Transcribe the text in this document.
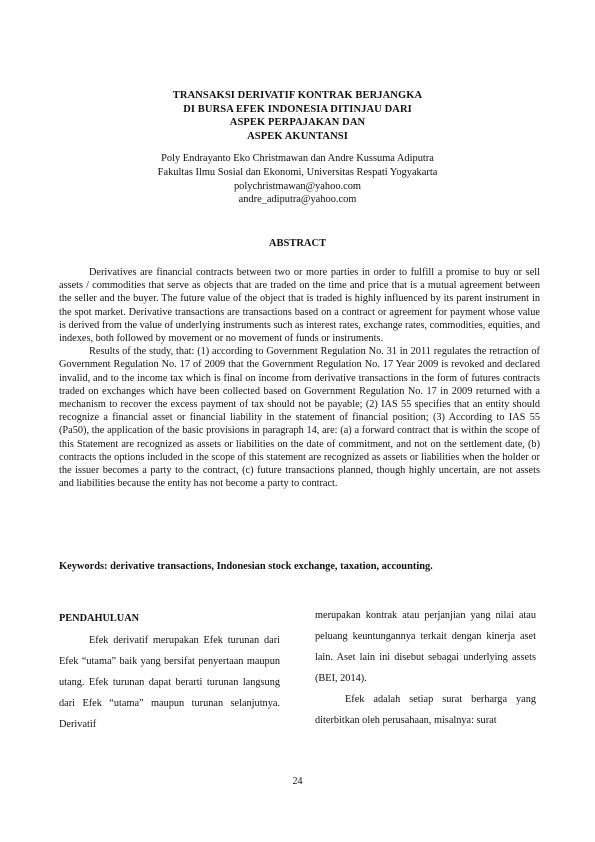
TRANSAKSI DERIVATIF KONTRAK BERJANGKA
DI BURSA EFEK INDONESIA DITINJAU DARI
ASPEK PERPAJAKAN DAN
ASPEK AKUNTANSI
Poly Endrayanto Eko Christmawan dan Andre Kussuma Adiputra
Fakultas Ilmu Sosial dan Ekonomi, Universitas Respati Yogyakarta
polychristmawan@yahoo.com
andre_adiputra@yahoo.com
ABSTRACT

Derivatives are financial contracts between two or more parties in order to fulfill a promise to buy or sell assets / commodities that serve as objects that are traded on the time and price that is a mutual agreement between the seller and the buyer. The future value of the object that is traded is highly influenced by its parent instrument in the spot market. Derivative transactions are transactions based on a contract or agreement for payment whose value is derived from the value of underlying instruments such as interest rates, exchange rates, commodities, equities, and indexes, both followed by movement or no movement of funds or instruments.

Results of the study, that: (1) according to Government Regulation No. 31 in 2011 regulates the retraction of Government Regulation No. 17 of 2009 that the Government Regulation No. 17 Year 2009 is revoked and declared invalid, and to the income tax which is final on income from derivative transactions in the form of futures contracts traded on exchanges which have been collected based on Government Regulation No. 17 in 2009 returned with a mechanism to recover the excess payment of tax should not be payable; (2) IAS 55 specifies that an entity should recognize a financial asset or financial liability in the statement of financial position; (3) According to IAS 55 (Pa50), the application of the basic provisions in paragraph 14, are: (a) a forward contract that is within the scope of this Statement are recognized as assets or liabilities on the date of commitment, and not on the settlement date, (b) contracts the options included in the scope of this statement are recognized as assets or liabilities when the holder or the issuer becomes a party to the contract, (c) future transactions planned, though highly uncertain, are not assets and liabilities because the entity has not become a party to contract.

Keywords: derivative transactions, Indonesian stock exchange, taxation, accounting.

PENDAHULUAN

Efek derivatif merupakan Efek turunan dari Efek “utama” baik yang bersifat penyertaan maupun utang. Efek turunan dapat berarti turunan langsung dari Efek “utama” maupun turunan selanjutnya. Derivatif

merupakan kontrak atau perjanjian yang nilai atau peluang keuntungannya terkait dengan kinerja aset lain. Aset lain ini disebut sebagai underlying assets (BEI, 2014).

Efek adalah setiap surat berharga yang diterbitkan oleh perusahaan, misalnya: surat

24
